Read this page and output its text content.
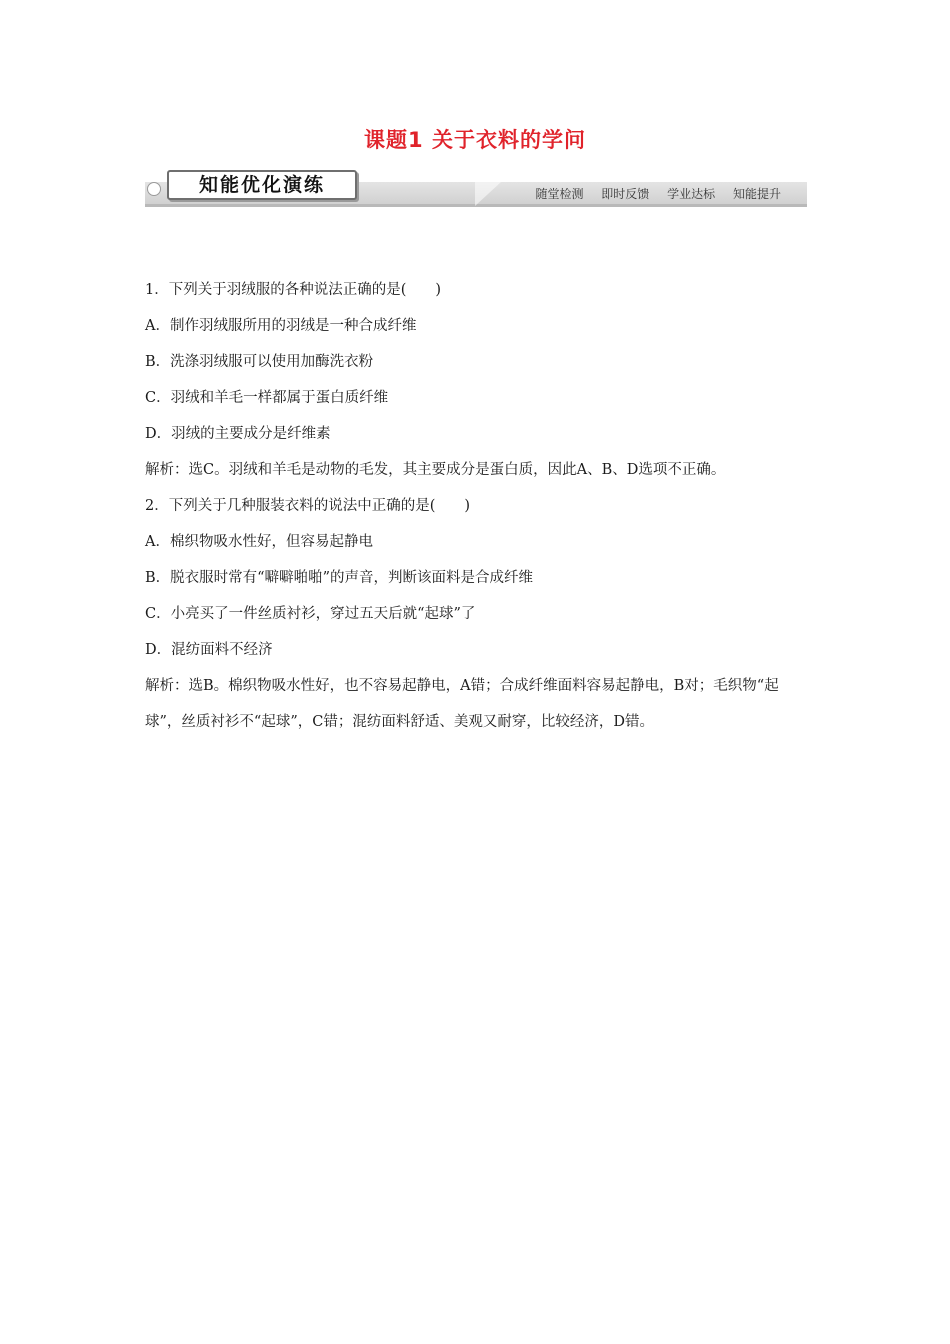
课题1 关于衣料的学问
知能优化演练	随堂检测 即时反馈 学业达标 知能提升
1．下列关于羽绒服的各种说法正确的是(　　)
A．制作羽绒服所用的羽绒是一种合成纤维
B．洗涤羽绒服可以使用加酶洗衣粉
C．羽绒和羊毛一样都属于蛋白质纤维
D．羽绒的主要成分是纤维素
解析：选C。羽绒和羊毛是动物的毛发，其主要成分是蛋白质，因此A、B、D选项不正确。
2．下列关于几种服装衣料的说法中正确的是(　　)
A．棉织物吸水性好，但容易起静电
B．脱衣服时常有“噼噼啪啪”的声音，判断该面料是合成纤维
C．小亮买了一件丝质衬衫，穿过五天后就“起球”了
D．混纺面料不经济
解析：选B。棉织物吸水性好，也不容易起静电，A错；合成纤维面料容易起静电，B对；毛织物“起球”，丝质衬衫不“起球”，C错；混纺面料舒适、美观又耐穿，比较经济，D错。
